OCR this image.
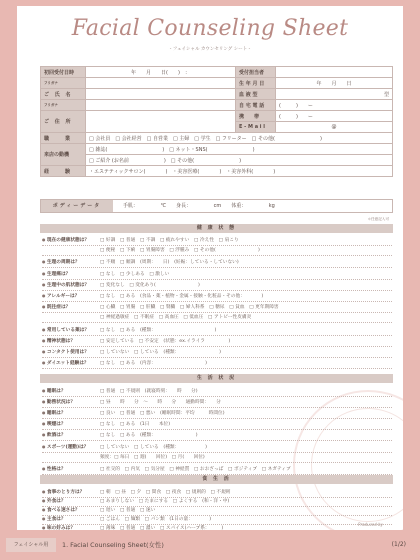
Facial Counseling Sheet
- フェイシャル カウンセリング シート -
初回受付日時	年　　月　　日(　　)　：	受付担当者	
フリガナ		生 年 月 日	年　　月　　日
ご 氏 名		血 液 型	型
フリガナ		自 宅 電 話	(　　　)　　ー
ご 住 所		携　　帯	(　　　)　　ー
		E - M a i l	@
職　　業	□ 会社員　□ 会社経営　□ 自営業　□ 主婦　□ 学生　□ フリーター　□ その他(　　　　　　　　　)		
来店の動機	□ 雑誌(　　　　　　　　　　　)　□ ネット・SNS(　　　　　　　　　)		
	□ ご紹介 (お名前　　　　　　　)　□ その他(　　　　　　　　　)		
経　　験	・エステティックサロン(　　　　)　・美容医療(　　　　)　・美容外科(　　　　)		
ボディーデータ	手肌：　　　　　℃　　身長：　　　　　cm　　体重：　　　　　kg
＊任意記入可
健 康 状 態
● 現在の健康状態は？ □ 好調　□ 普通　□ 不調　□ 疲れやすい　□ 冷え性　□ 肩こり
□ 便秘　□ 下痢　□ 胃腸障害　□ 浮腫み　□ その他(　　　　　　　　　)
● 生理の周期は？	□ 不順　□ 順調　(周期：　　日)　(妊娠：している・していない)
● 生理痛は？	□ なし　□ 少しある　□ 激しい
● 生理中の肌状態は？ □ 変化なし　□ 変化あり(　　　　　　　　　)
● アレルギーは？	□ なし　□ ある　(食品・薬・植物・金属・接触・化粧品・その他：　　　　)
● 既往症は？	□ 心臓　□ 胃腸　□ 肝臓　□ 腎臓　□ 婦人科系　□ 糖尿　□ 貧血　□ 更年期障害
□ 神経過敏症　□ 不眠症　□ 高血圧　□ 低血圧　□ アトピー性皮膚炎
● 常用している薬は？ □ なし　□ ある　(種類：　　　　　　　　　　　　　)
● 精神状態は？	□ 安定している　□ 不安定　(状態：ex.イライラ　　　　　)
● コンタクト使用は？ □ していない　□ している　(種類：　　　　　　　　　)
● ダイエット経験は？ □ なし　□ ある　(内容：　　　　　　　　　　　)
生 活 状 況
● 睡眠は？	□ 普通　□ 不規則　(就寝時刻：　　時　　分)
● 勤務状況は？	□ 昼　　時　　分　〜　　時　　分　　通勤時間：　　分
● 睡眠は？	□ 良い　□ 普通　□ 悪い　(睡眠時間：平均　　　時間位)
● 喫煙は？	□ なし　□ ある　(1日　　本位)
● 飲酒は？	□ なし　□ ある　(種類：　　　　　　　　　)
● スポーツ(運動)は？ □ していない　□ している　(種類：　　　　　　)
頻度：□ 毎日　□ 週(　　回位)　□ 月(　　回位)
● 性格は？	□ 社交的　□ 内気　□ 気分屋　□ 神経質　□ おおざっぱ　□ ポジティブ　□ ネガティブ
食 生 活
● 食事のとり方は？	□ 朝　□ 昼　□ 夕　□ 間食　□ 夜食　□ 規則的　□ 不規則
● 外食は？	□ あまりしない　□ たまにする　□ よくする　(和・洋・中)
● 食べる速さは？	□ 遅い　□ 普通　□ 速い
● 主食は？	□ ごはん　□ 麺類　□ パン類　(1日の量：　　　　)
● 味の好みは？	□ 薄味　□ 普通　□ 濃い　□ スパイス(ハーブ系：　　　)
Produced by
フェイシャル用	1. Facial Counseling Sheet(女性)	(1/2)
